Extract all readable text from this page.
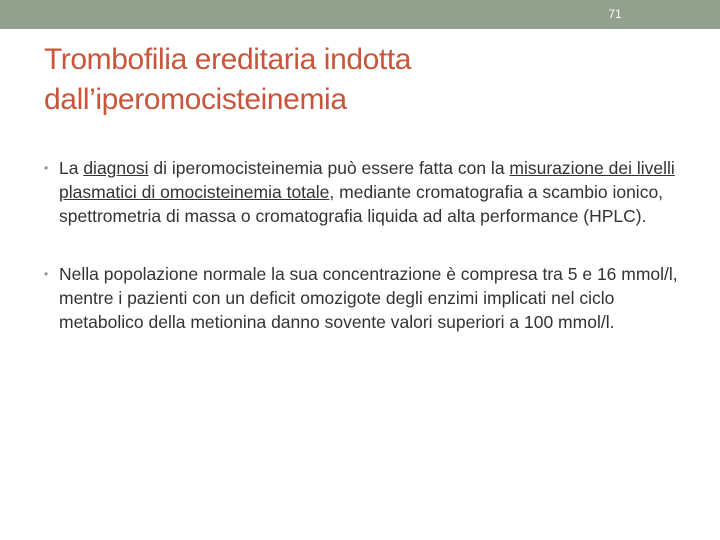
71
Trombofilia ereditaria indotta dall’iperomocisteinemia
• La diagnosi di iperomocisteinemia può essere fatta con la misurazione dei livelli plasmatici di omocisteinemia totale, mediante cromatografia a scambio ionico, spettrometria di massa o cromatografia liquida ad alta performance (HPLC).
• Nella popolazione normale la sua concentrazione è compresa tra 5 e 16 mmol/l, mentre i pazienti con un deficit omozigote degli enzimi implicati nel ciclo metabolico della metionina danno sovente valori superiori a 100 mmol/l.
